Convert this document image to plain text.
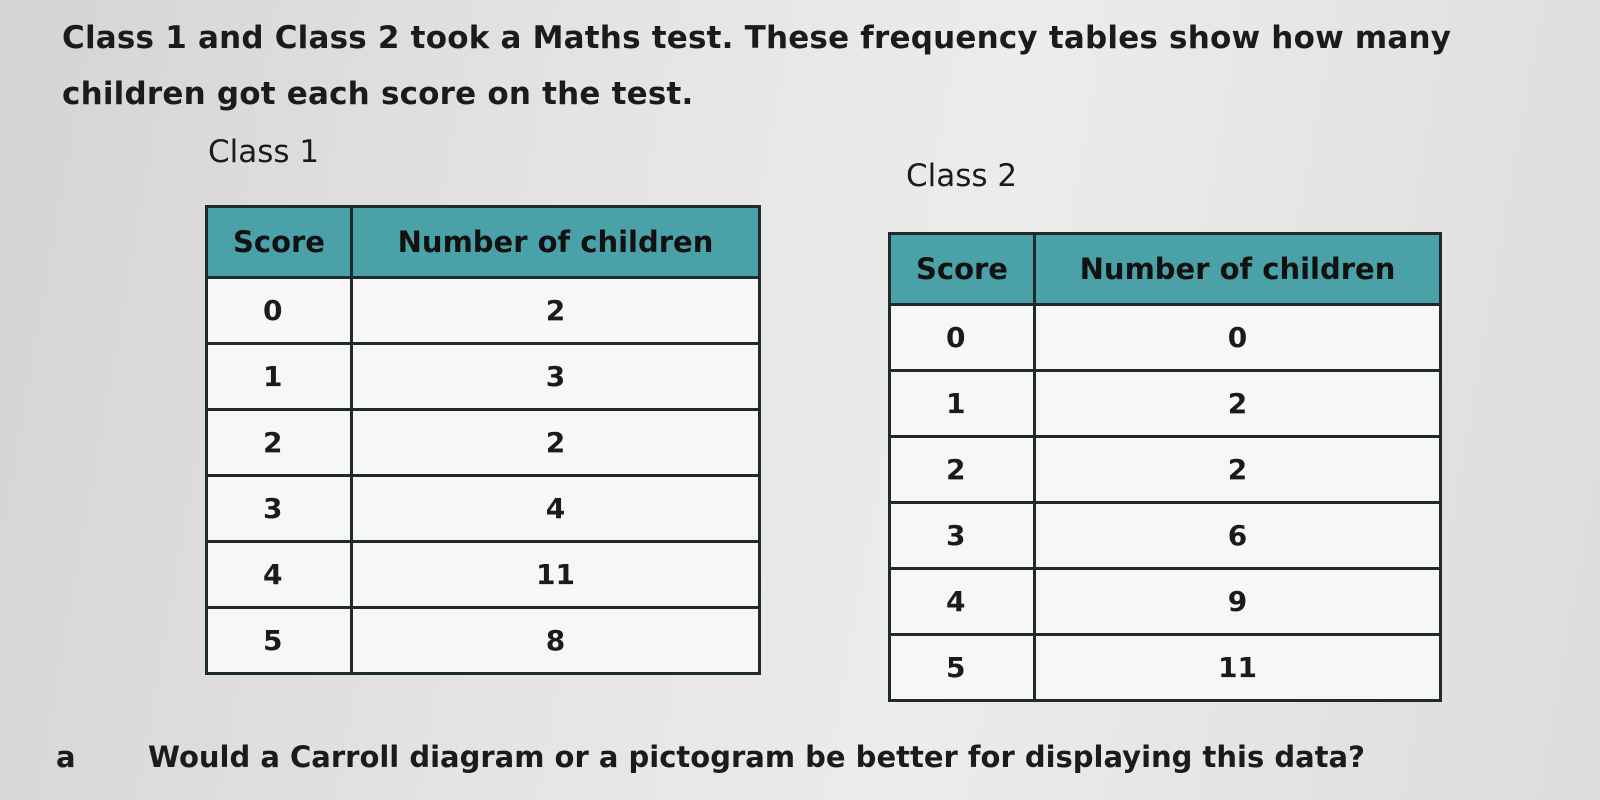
Class 1 and Class 2 took a Maths test. These frequency tables show how many children got each score on the test.

Class 1
Class 2
Score	Number of children
0	2
1	3
2	2
3	4
4	11
5	8
Score	Number of children
0	0
1	2
2	2
3	6
4	9
5	11

a Would a Carroll diagram or a pictogram be better for displaying this data?
